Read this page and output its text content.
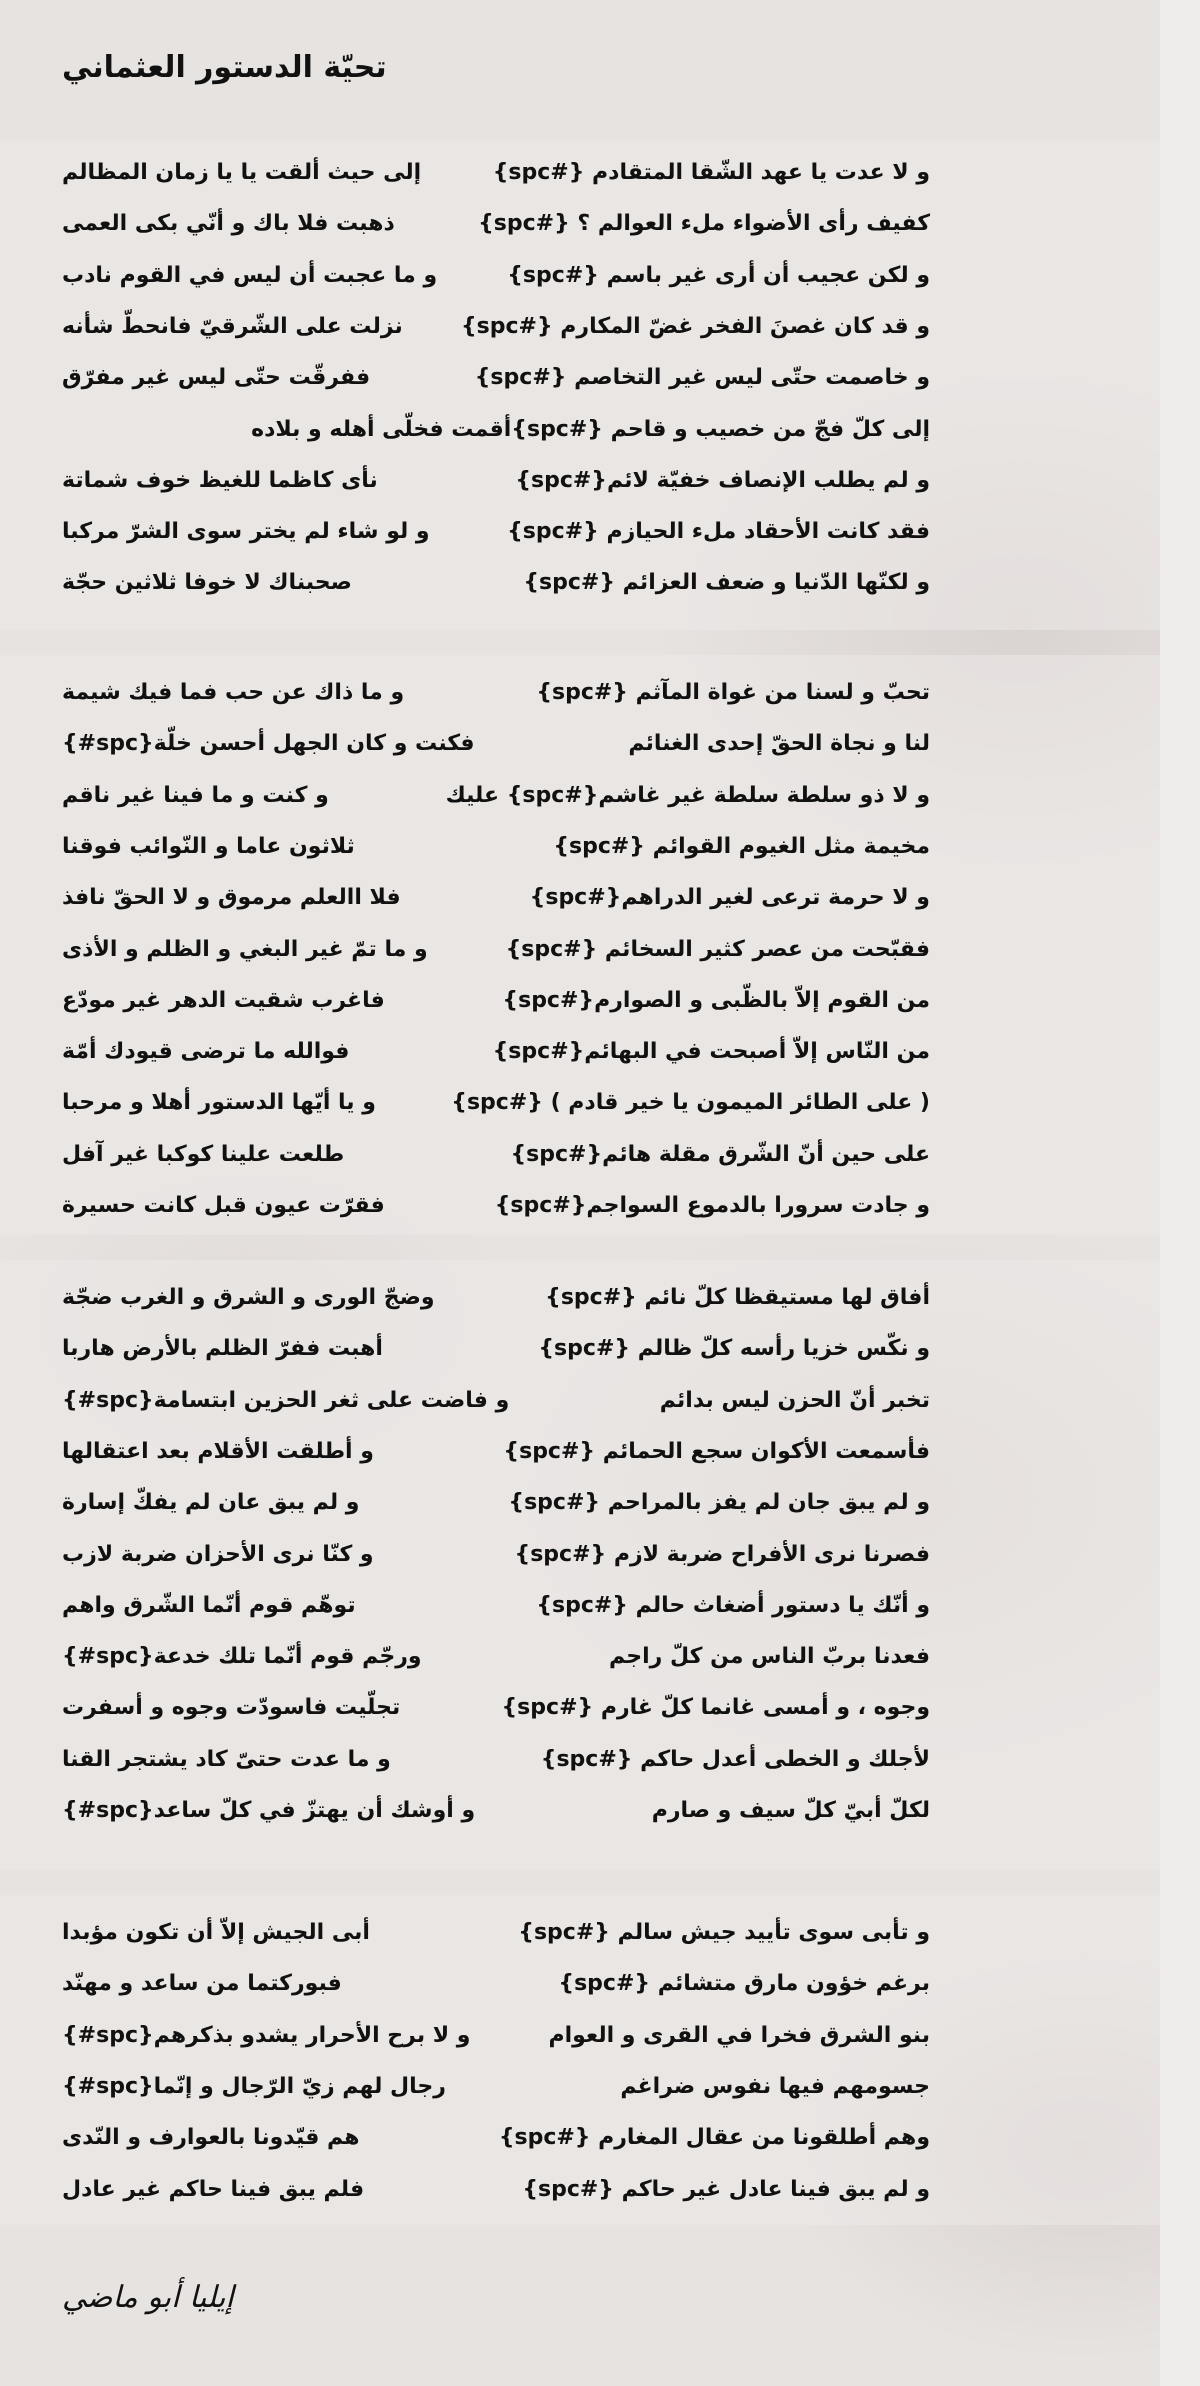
تحيّة الدستور العثماني
و لا عدت يا عهد الشّقا المتقادم {#spc}
إلى حيث ألقت يا يا زمان المظالم
كفيف رأى الأضواء ملء العوالم ؟ {#spc}
ذهبت فلا باك و أنّي بكى العمى
و لكن عجيب أن أرى غير باسم {#spc}
و ما عجبت أن ليس في القوم نادب
و قد كان غصنَ الفخر غضّ المكارم {#spc}
نزلت على الشّرقيّ فانحطّ شأنه
و خاصمت حتّى ليس غير التخاصم {#spc}
ففرقّت حتّى ليس غير مفرّق
إلى كلّ فجّ من خصيب و قاحم {#spc}أقمت فخلّى أهله و بلاده
و لم يطلب الإنصاف خفيّة لائم{#spc}
نأى كاظما للغيظ خوف شماتة
فقد كانت الأحقاد ملء الحيازم {#spc}
و لو شاء لم يختر سوى الشرّ مركبا
و لكنّها الدّنيا و ضعف العزائم {#spc}
صحبناك لا خوفا ثلاثين حجّة
تحبّ و لسنا من غواة المآثم {#spc}
و ما ذاك عن حب فما فيك شيمة
لنا و نجاة الحقّ إحدى الغنائم
{#spc}فكنت و كان الجهل أحسن خلّة
و لا ذو سلطة سلطة غير غاشم{#spc} عليك
و كنت و ما فينا غير ناقم
مخيمة مثل الغيوم القوائم {#spc}
ثلاثون عاما و النّوائب فوقنا
و لا حرمة ترعى لغير الدراهم{#spc}
فلا االعلم مرموق و لا الحقّ نافذ
فقبّحت من عصر كثير السخائم {#spc}
و ما تمّ غير البغي و الظلم و الأذى
من القوم إلاّ بالظّبى و الصوارم{#spc}
فاغرب شقيت الدهر غير مودّع
من النّاس إلاّ أصبحت في البهائم{#spc}
فوالله ما ترضى قيودك أمّة
( على الطائر الميمون يا خير قادم ) {#spc}
و يا أيّها الدستور أهلا و مرحبا
على حين أنّ الشّرق مقلة هائم{#spc}
طلعت علينا كوكبا غير آفل
و جادت سرورا بالدموع السواجم{#spc}
فقرّت عيون قبل كانت حسيرة
أفاق لها مستيقظا كلّ نائم {#spc}
وضجّ الورى و الشرق و الغرب ضجّة
و نكّس خزيا رأسه كلّ ظالم {#spc}
أهبت ففرّ الظلم بالأرض هاربا
تخبر أنّ الحزن ليس بدائم
{#spc}و فاضت على ثغر الحزين ابتسامة
فأسمعت الأكوان سجع الحمائم {#spc}
و أطلقت الأقلام بعد اعتقالها
و لم يبق جان لم يفز بالمراحم {#spc}
و لم يبق عان لم يفكّ إسارة
فصرنا نرى الأفراح ضربة لازم {#spc}
و كنّا نرى الأحزان ضربة لازب
و أنّك يا دستور أضغاث حالم {#spc}
توهّم قوم أنّما الشّرق واهم
فعدنا بربّ الناس من كلّ راجم
{#spc}ورجّم قوم أنّما تلك خدعة
وجوه ، و أمسى غانما كلّ غارم {#spc}
تجلّيت فاسودّت وجوه و أسفرت
لأجلك و الخطى أعدل حاكم {#spc}
و ما عدت حتىّ كاد يشتجر القنا
لكلّ أبيّ كلّ سيف و صارم
{#spc}و أوشك أن يهتزّ في كلّ ساعد
و تأبى سوى تأييد جيش سالم {#spc}
أبى الجيش إلاّ أن تكون مؤبدا
برغم خؤون مارق متشائم {#spc}
فبوركتما من ساعد و مهنّد
بنو الشرق فخرا في القرى و العوام
{#spc}و لا برح الأحرار يشدو بذكرهم
جسومهم فيها نفوس ضراغم
{#spc}رجال لهم زيّ الرّجال و إنّما
وهم أطلقونا من عقال المغارم {#spc}
هم قيّدونا بالعوارف و النّدى
و لم يبق فينا عادل غير حاكم {#spc}
فلم يبق فينا حاكم غير عادل
إيليا أبو ماضي
